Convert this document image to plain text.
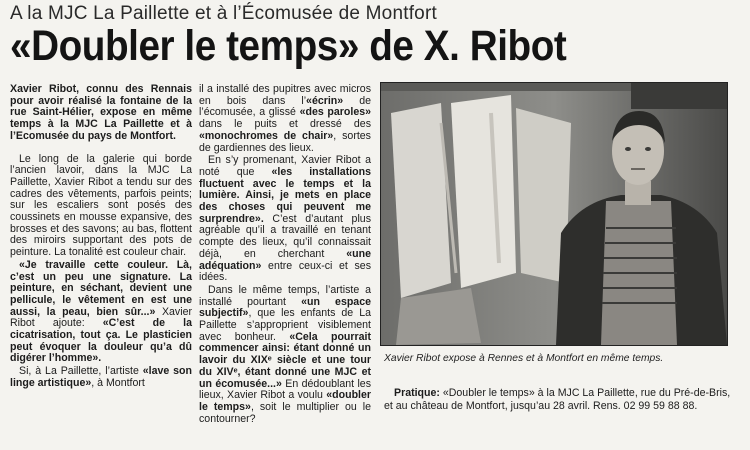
A la MJC La Paillette et à l’Écomusée de Montfort
«Doubler le temps» de X. Ribot

Xavier Ribot, connu des Rennais pour avoir réalisé la fontaine de la rue Saint-Hélier, expose en même temps à la MJC La Paillette et à l’Ecomusée du pays de Montfort.

Le long de la galerie qui borde l’ancien lavoir, dans la MJC La Paillette, Xavier Ribot a tendu sur des cadres des vêtements, parfois peints; sur les escaliers sont posés des coussinets en mousse expansive, des brosses et des savons; au bas, flottent des miroirs supportant des pots de peinture. La tonalité est couleur chair.

«Je travaille cette couleur. Là, c’est un peu une signature. La peinture, en séchant, devient une pellicule, le vêtement en est une aussi, la peau, bien sûr...» Xavier Ribot ajoute: «C’est de la cicatrisation, tout ça. Le plasticien peut évoquer la douleur qu’a dû digérer l’homme».

Si, à La Paillette, l’artiste «lave son linge artistique», à Montfort

il a installé des pupitres avec micros en bois dans l’«écrin» de l’écomusée, a glissé «des paroles» dans le puits et dressé des «monochromes de chair», sortes de gardiennes des lieux.

En s’y promenant, Xavier Ribot a noté que «les installations fluctuent avec le temps et la lumière. Ainsi, je mets en place des choses qui peuvent me surprendre». C’est d’autant plus agréable qu’il a travaillé en tenant compte des lieux, qu’il connaissait déjà, en cherchant «une adéquation» entre ceux-ci et ses idées.

Dans le même temps, l’artiste a installé pourtant «un espace subjectif», que les enfants de La Paillette s’approprient visiblement avec bonheur. «Cela pourrait commencer ainsi: étant donné un lavoir du XIXᵉ siècle et une tour du XIVᵉ, étant donné une MJC et un écomusée...» En dédoublant les lieux, Xavier Ribot a voulu «doubler le temps», soit le multiplier ou le contourner?

Xavier Ribot expose à Rennes et à Montfort en même temps.
Pratique: «Doubler le temps» à la MJC La Paillette, rue du Pré-de-Bris, et au château de Montfort, jusqu’au 28 avril. Rens. 02 99 59 88 88.
